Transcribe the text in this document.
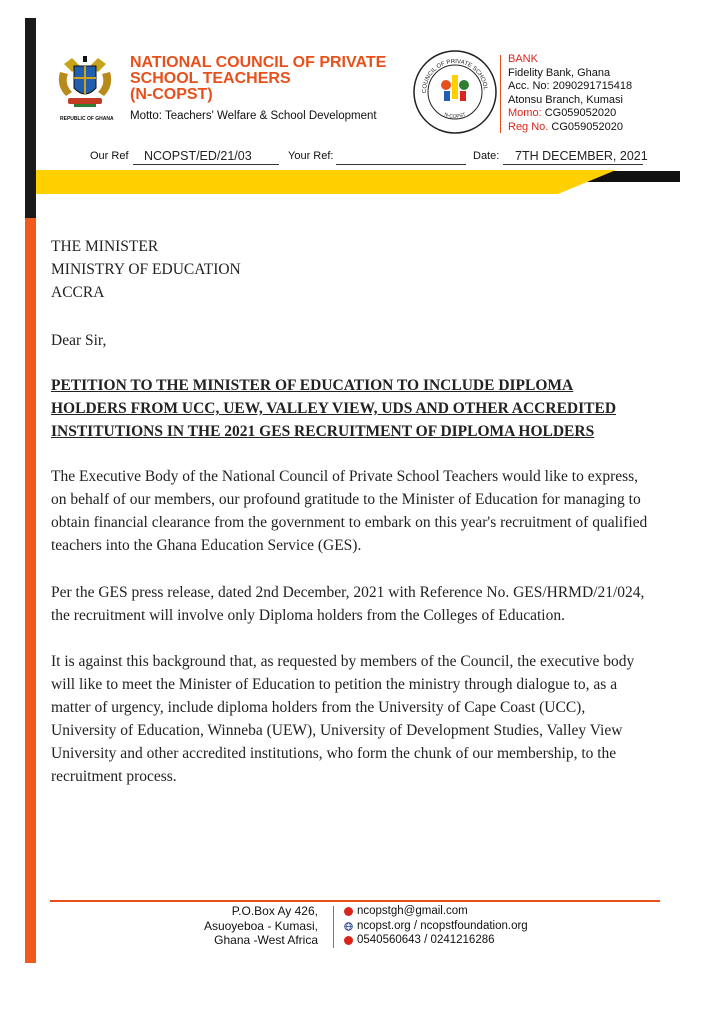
REPUBLIC OF GHANA
NATIONAL COUNCIL OF PRIVATE
SCHOOL TEACHERS
(N-COPST)
Motto: Teachers' Welfare & School Development
COUNCIL OF PRIVATE SCHOOL
N-COPST
BANK
Fidelity Bank, Ghana
Acc. No: 2090291715418
Atonsu Branch, Kumasi
Momo: CG059052020
Reg No. CG059052020
Our Ref NCOPST/ED/21/03	Your Ref:	Date: 7TH DECEMBER, 2021
THE MINISTER
MINISTRY OF EDUCATION
ACCRA
Dear Sir,
PETITION TO THE MINISTER OF EDUCATION TO INCLUDE DIPLOMA
HOLDERS FROM UCC, UEW, VALLEY VIEW, UDS AND OTHER ACCREDITED
INSTITUTIONS IN THE 2021 GES RECRUITMENT OF DIPLOMA HOLDERS
The Executive Body of the National Council of Private School Teachers would like to express,
on behalf of our members, our profound gratitude to the Minister of Education for managing to
obtain financial clearance from the government to embark on this year's recruitment of qualified
teachers into the Ghana Education Service (GES).
Per the GES press release, dated 2nd December, 2021 with Reference No. GES/HRMD/21/024,
the recruitment will involve only Diploma holders from the Colleges of Education.
It is against this background that, as requested by members of the Council, the executive body
will like to meet the Minister of Education to petition the ministry through dialogue to, as a
matter of urgency, include diploma holders from the University of Cape Coast (UCC),
University of Education, Winneba (UEW), University of Development Studies, Valley View
University and other accredited institutions, who form the chunk of our membership, to the
recruitment process.
P.O.Box Ay 426,
Asuoyeboa - Kumasi,
Ghana -West Africa
ncopstgh@gmail.com
ncopst.org / ncopstfoundation.org
0540560643 / 0241216286
